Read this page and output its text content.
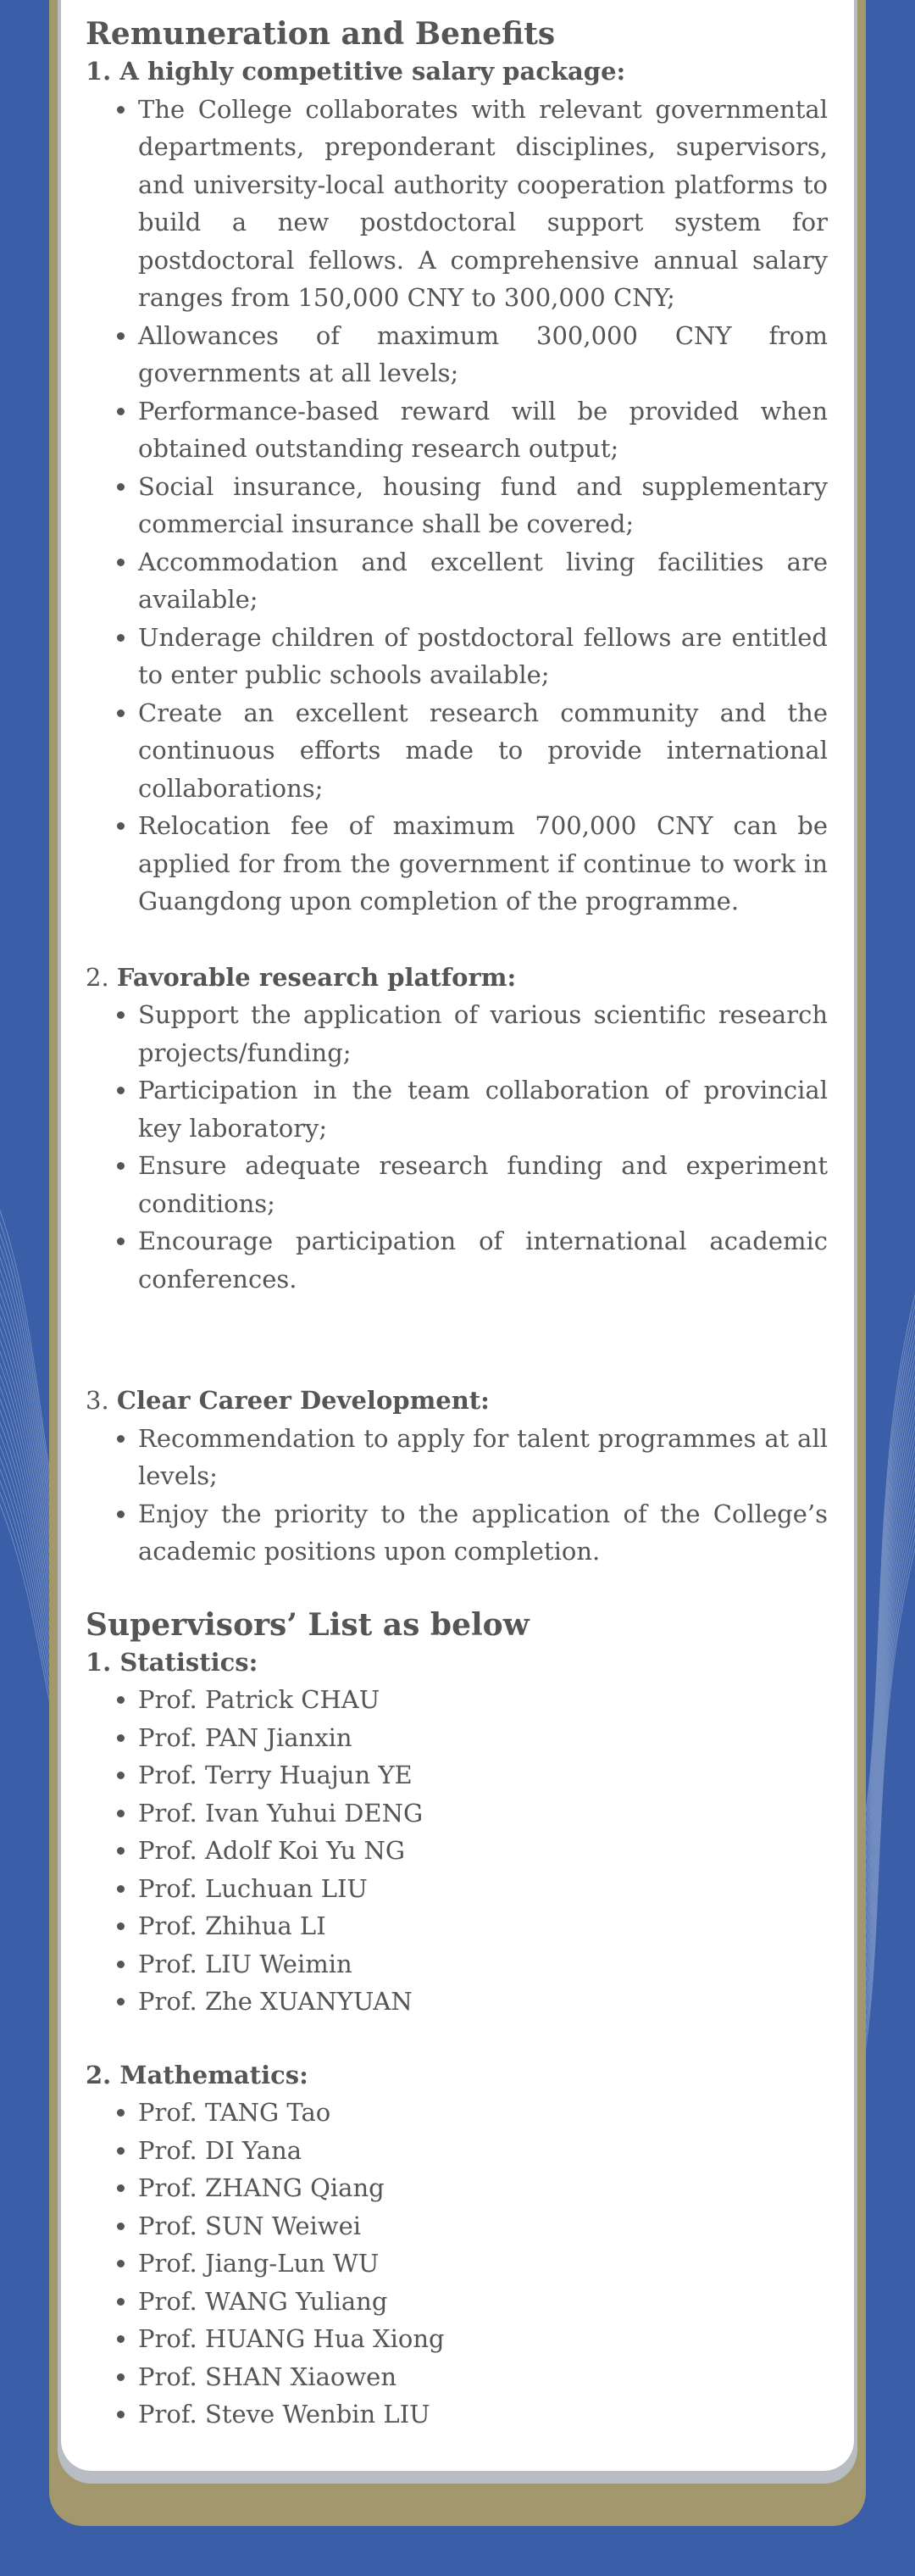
Remuneration and Benefits

1. A highly competitive salary package:

• The College collaborates with relevant governmental departments, preponderant disciplines, supervisors, and university-local authority cooperation platforms to build a new postdoctoral support system for postdoctoral fellows. A comprehensive annual salary ranges from 150,000 CNY to 300,000 CNY;
• Allowances of maximum 300,000 CNY from governments at all levels;
• Performance-based reward will be provided when obtained outstanding research output;
• Social insurance, housing fund and supplementary commercial insurance shall be covered;
• Accommodation and excellent living facilities are available;
• Underage children of postdoctoral fellows are entitled to enter public schools available;
• Create an excellent research community and the continuous efforts made to provide international collaborations;
• Relocation fee of maximum 700,000 CNY can be applied for from the government if continue to work in Guangdong upon completion of the programme.

2. Favorable research platform:

• Support the application of various scientific research projects/funding;
• Participation in the team collaboration of provincial key laboratory;
• Ensure adequate research funding and experiment conditions;
• Encourage participation of international academic conferences.

3. Clear Career Development:

• Recommendation to apply for talent programmes at all levels;
• Enjoy the priority to the application of the College’s academic positions upon completion.
Supervisors’ List as below

1. Statistics:

• Prof. Patrick CHAU
• Prof. PAN Jianxin
• Prof. Terry Huajun YE
• Prof. Ivan Yuhui DENG
• Prof. Adolf Koi Yu NG
• Prof. Luchuan LIU
• Prof. Zhihua LI
• Prof. LIU Weimin
• Prof. Zhe XUANYUAN

2. Mathematics:

• Prof. TANG Tao
• Prof. DI Yana
• Prof. ZHANG Qiang
• Prof. SUN Weiwei
• Prof. Jiang-Lun WU
• Prof. WANG Yuliang
• Prof. HUANG Hua Xiong
• Prof. SHAN Xiaowen
• Prof. Steve Wenbin LIU
